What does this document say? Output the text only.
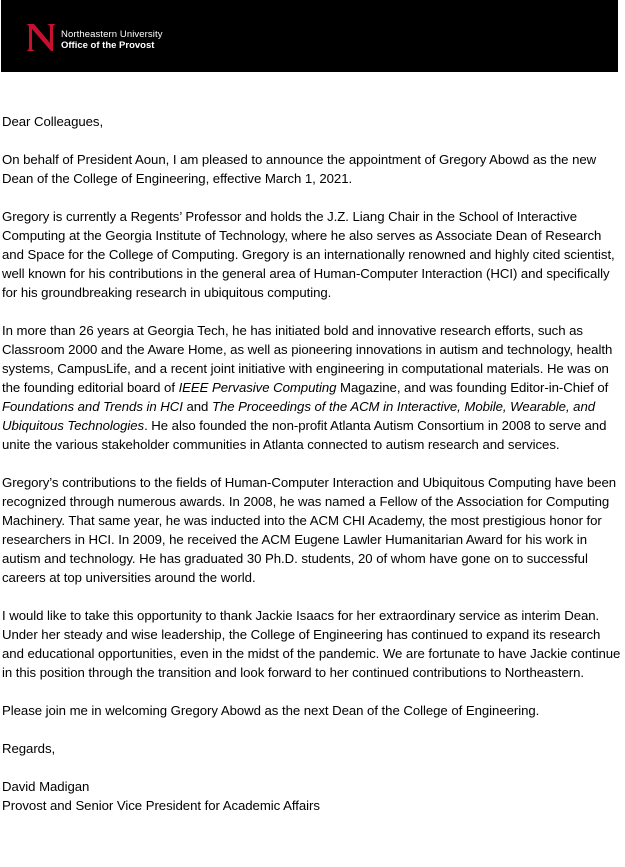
Northeastern University
Office of the Provost

Dear Colleagues,

On behalf of President Aoun, I am pleased to announce the appointment of Gregory Abowd as the new Dean of the College of Engineering, effective March 1, 2021.

Gregory is currently a Regents’ Professor and holds the J.Z. Liang Chair in the School of Interactive Computing at the Georgia Institute of Technology, where he also serves as Associate Dean of Research and Space for the College of Computing. Gregory is an internationally renowned and highly cited scientist, well known for his contributions in the general area of Human-Computer Interaction (HCI) and specifically for his groundbreaking research in ubiquitous computing.

In more than 26 years at Georgia Tech, he has initiated bold and innovative research efforts, such as Classroom 2000 and the Aware Home, as well as pioneering innovations in autism and technology, health systems, CampusLife, and a recent joint initiative with engineering in computational materials. He was on the founding editorial board of IEEE Pervasive Computing Magazine, and was founding Editor-in-Chief of Foundations and Trends in HCI and The Proceedings of the ACM in Interactive, Mobile, Wearable, and Ubiquitous Technologies. He also founded the non-profit Atlanta Autism Consortium in 2008 to serve and unite the various stakeholder communities in Atlanta connected to autism research and services.

Gregory’s contributions to the fields of Human-Computer Interaction and Ubiquitous Computing have been recognized through numerous awards. In 2008, he was named a Fellow of the Association for Computing Machinery. That same year, he was inducted into the ACM CHI Academy, the most prestigious honor for researchers in HCI. In 2009, he received the ACM Eugene Lawler Humanitarian Award for his work in autism and technology. He has graduated 30 Ph.D. students, 20 of whom have gone on to successful careers at top universities around the world.

I would like to take this opportunity to thank Jackie Isaacs for her extraordinary service as interim Dean. Under her steady and wise leadership, the College of Engineering has continued to expand its research and educational opportunities, even in the midst of the pandemic. We are fortunate to have Jackie continue in this position through the transition and look forward to her continued contributions to Northeastern.

Please join me in welcoming Gregory Abowd as the next Dean of the College of Engineering.

Regards,

David Madigan

Provost and Senior Vice President for Academic Affairs
